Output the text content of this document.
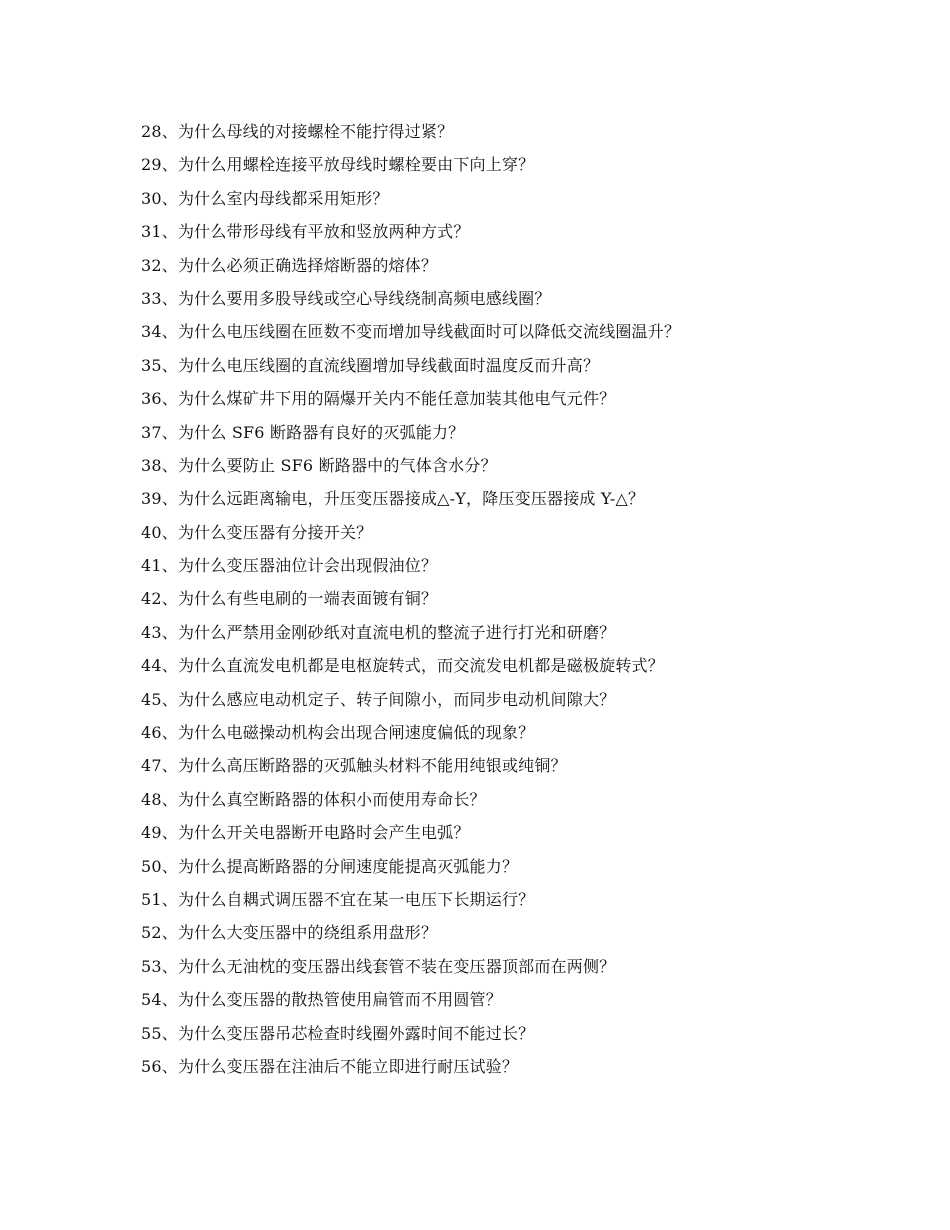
28、为什么母线的对接螺栓不能拧得过紧？
29、为什么用螺栓连接平放母线时螺栓要由下向上穿？
30、为什么室内母线都采用矩形？
31、为什么带形母线有平放和竖放两种方式？
32、为什么必须正确选择熔断器的熔体？
33、为什么要用多股导线或空心导线绕制高频电感线圈？
34、为什么电压线圈在匝数不变而增加导线截面时可以降低交流线圈温升？
35、为什么电压线圈的直流线圈增加导线截面时温度反而升高？
36、为什么煤矿井下用的隔爆开关内不能任意加装其他电气元件？
37、为什么 SF6 断路器有良好的灭弧能力？
38、为什么要防止 SF6 断路器中的气体含水分？
39、为什么远距离输电，升压变压器接成△-Y，降压变压器接成 Y-△？
40、为什么变压器有分接开关？
41、为什么变压器油位计会出现假油位？
42、为什么有些电刷的一端表面镀有铜？
43、为什么严禁用金刚砂纸对直流电机的整流子进行打光和研磨？
44、为什么直流发电机都是电枢旋转式，而交流发电机都是磁极旋转式？
45、为什么感应电动机定子、转子间隙小，而同步电动机间隙大？
46、为什么电磁操动机构会出现合闸速度偏低的现象？
47、为什么高压断路器的灭弧触头材料不能用纯银或纯铜？
48、为什么真空断路器的体积小而使用寿命长？
49、为什么开关电器断开电路时会产生电弧？
50、为什么提高断路器的分闸速度能提高灭弧能力？
51、为什么自耦式调压器不宜在某一电压下长期运行？
52、为什么大变压器中的绕组系用盘形？
53、为什么无油枕的变压器出线套管不装在变压器顶部而在两侧？
54、为什么变压器的散热管使用扁管而不用圆管？
55、为什么变压器吊芯检查时线圈外露时间不能过长？
56、为什么变压器在注油后不能立即进行耐压试验？
